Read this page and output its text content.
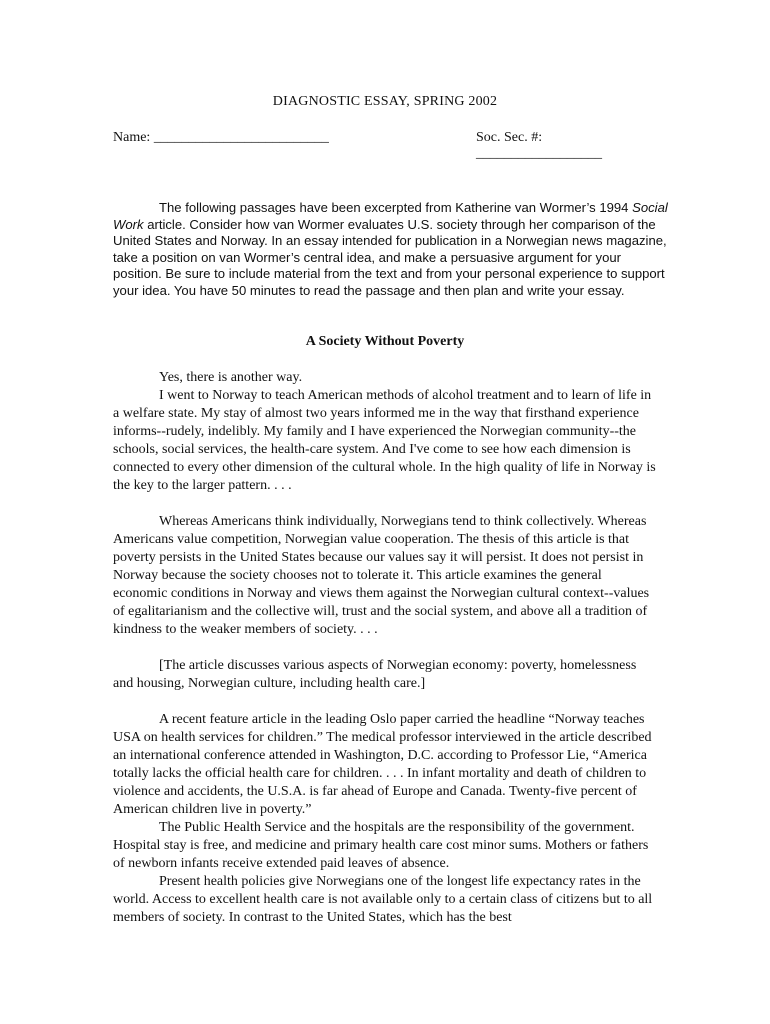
DIAGNOSTIC ESSAY, SPRING 2002
Name: _________________________	Soc. Sec. #:
__________________

The following passages have been excerpted from Katherine van Wormer’s 1994 Social Work article. Consider how van Wormer evaluates U.S. society through her comparison of the United States and Norway. In an essay intended for publication in a Norwegian news magazine, take a position on van Wormer’s central idea, and make a persuasive argument for your position. Be sure to include material from the text and from your personal experience to support your idea. You have 50 minutes to read the passage and then plan and write your essay.

A Society Without Poverty

Yes, there is another way.

I went to Norway to teach American methods of alcohol treatment and to learn of life in a welfare state. My stay of almost two years informed me in the way that firsthand experience informs--rudely, indelibly. My family and I have experienced the Norwegian community--the schools, social services, the health-care system. And I've come to see how each dimension is connected to every other dimension of the cultural whole. In the high quality of life in Norway is the key to the larger pattern. . . .

Whereas Americans think individually, Norwegians tend to think collectively. Whereas Americans value competition, Norwegian value cooperation. The thesis of this article is that poverty persists in the United States because our values say it will persist. It does not persist in Norway because the society chooses not to tolerate it. This article examines the general economic conditions in Norway and views them against the Norwegian cultural context--values of egalitarianism and the collective will, trust and the social system, and above all a tradition of kindness to the weaker members of society. . . .

[The article discusses various aspects of Norwegian economy: poverty, homelessness and housing, Norwegian culture, including health care.]

A recent feature article in the leading Oslo paper carried the headline “Norway teaches USA on health services for children.” The medical professor interviewed in the article described an international conference attended in Washington, D.C. according to Professor Lie, “America totally lacks the official health care for children. . . . In infant mortality and death of children to violence and accidents, the U.S.A. is far ahead of Europe and Canada. Twenty-five percent of American children live in poverty.”

The Public Health Service and the hospitals are the responsibility of the government. Hospital stay is free, and medicine and primary health care cost minor sums. Mothers or fathers of newborn infants receive extended paid leaves of absence.

Present health policies give Norwegians one of the longest life expectancy rates in the world. Access to excellent health care is not available only to a certain class of citizens but to all members of society. In contrast to the United States, which has the best
